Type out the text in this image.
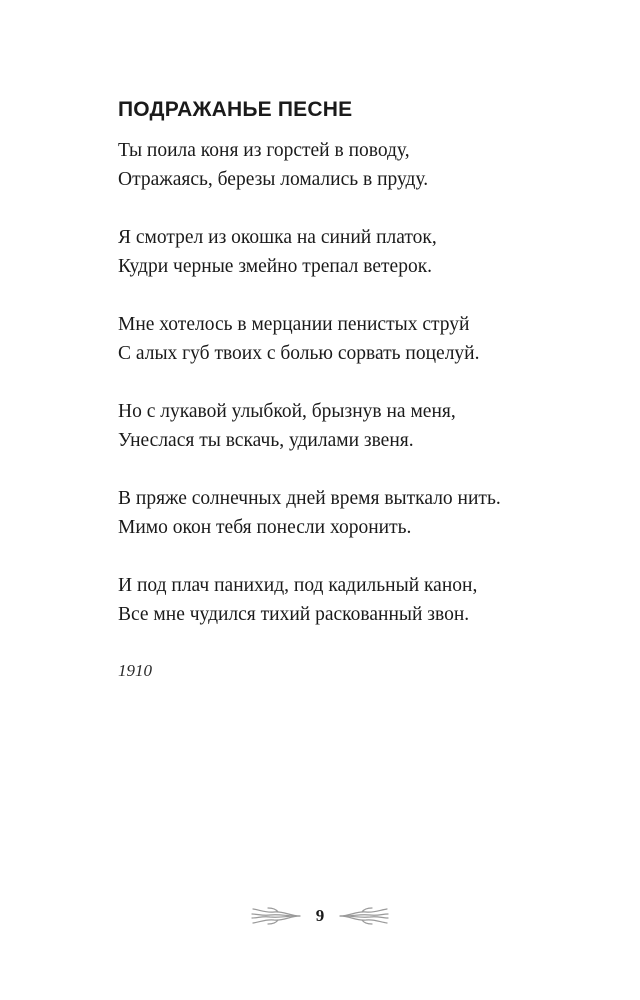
ПОДРАЖАНЬЕ ПЕСНЕ
Ты поила коня из горстей в поводу,
Отражаясь, березы ломались в пруду.
Я смотрел из окошка на синий платок,
Кудри черные змейно трепал ветерок.
Мне хотелось в мерцании пенистых струй
С алых губ твоих с болью сорвать поцелуй.
Но с лукавой улыбкой, брызнув на меня,
Унеслася ты вскачь, удилами звеня.
В пряже солнечных дней время выткало нить.
Мимо окон тебя понесли хоронить.
И под плач панихид, под кадильный канон,
Все мне чудился тихий раскованный звон.
1910
9
